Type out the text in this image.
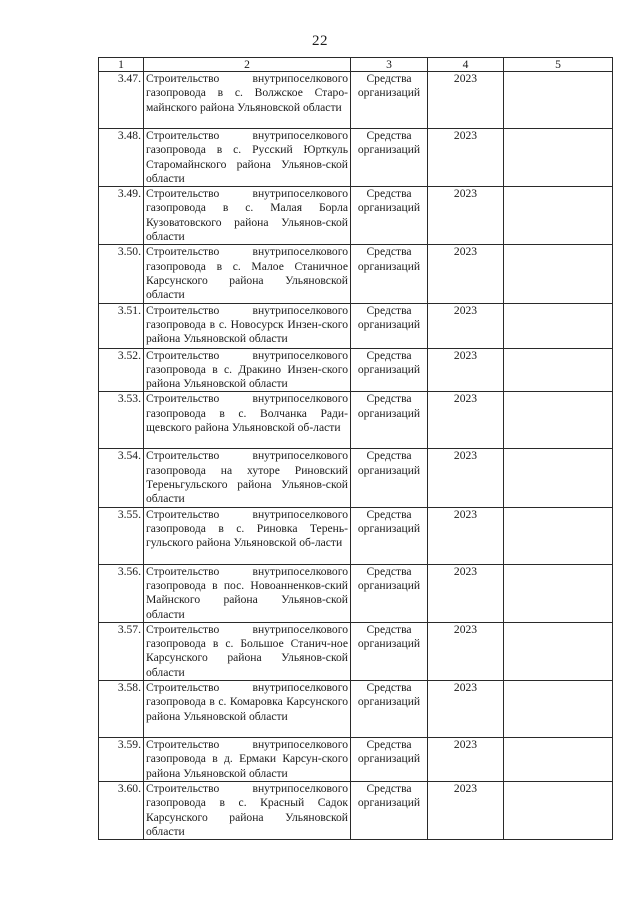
22
1	2	3	4	5
3.47.	Строительство внутрипоселкового газопровода в с. Волжское Старо-майнского района Ульяновской области	Средства организаций	2023	
3.48.	Строительство внутрипоселкового газопровода в с. Русский Юрткуль Старомайнского района Ульянов-ской области	Средства организаций	2023	
3.49.	Строительство внутрипоселкового газопровода в с. Малая Борла Кузоватовского района Ульянов-ской области	Средства организаций	2023	
3.50.	Строительство внутрипоселкового газопровода в с. Малое Станичное Карсунского района Ульяновской области	Средства организаций	2023	
3.51.	Строительство внутрипоселкового газопровода в с. Новосурск Инзен-ского района Ульяновской области	Средства организаций	2023	
3.52.	Строительство внутрипоселкового газопровода в с. Дракино Инзен-ского района Ульяновской области	Средства организаций	2023	
3.53.	Строительство внутрипоселкового газопровода в с. Волчанка Ради-щевского района Ульяновской об-ласти	Средства организаций	2023	
3.54.	Строительство внутрипоселкового газопровода на хуторе Риновский Тереньгульского района Ульянов-ской области	Средства организаций	2023	
3.55.	Строительство внутрипоселкового газопровода в с. Риновка Терень-гульского района Ульяновской об-ласти	Средства организаций	2023	
3.56.	Строительство внутрипоселкового газопровода в пос. Новоанненков-ский Майнского района Ульянов-ской области	Средства организаций	2023	
3.57.	Строительство внутрипоселкового газопровода в с. Большое Станич-ное Карсунского района Ульянов-ской области	Средства организаций	2023	
3.58.	Строительство внутрипоселкового газопровода в с. Комаровка Карсунского района Ульяновской области	Средства организаций	2023	
3.59.	Строительство внутрипоселкового газопровода в д. Ермаки Карсун-ского района Ульяновской области	Средства организаций	2023	
3.60.	Строительство внутрипоселкового газопровода в с. Красный Садок Карсунского района Ульяновской области	Средства организаций	2023	
